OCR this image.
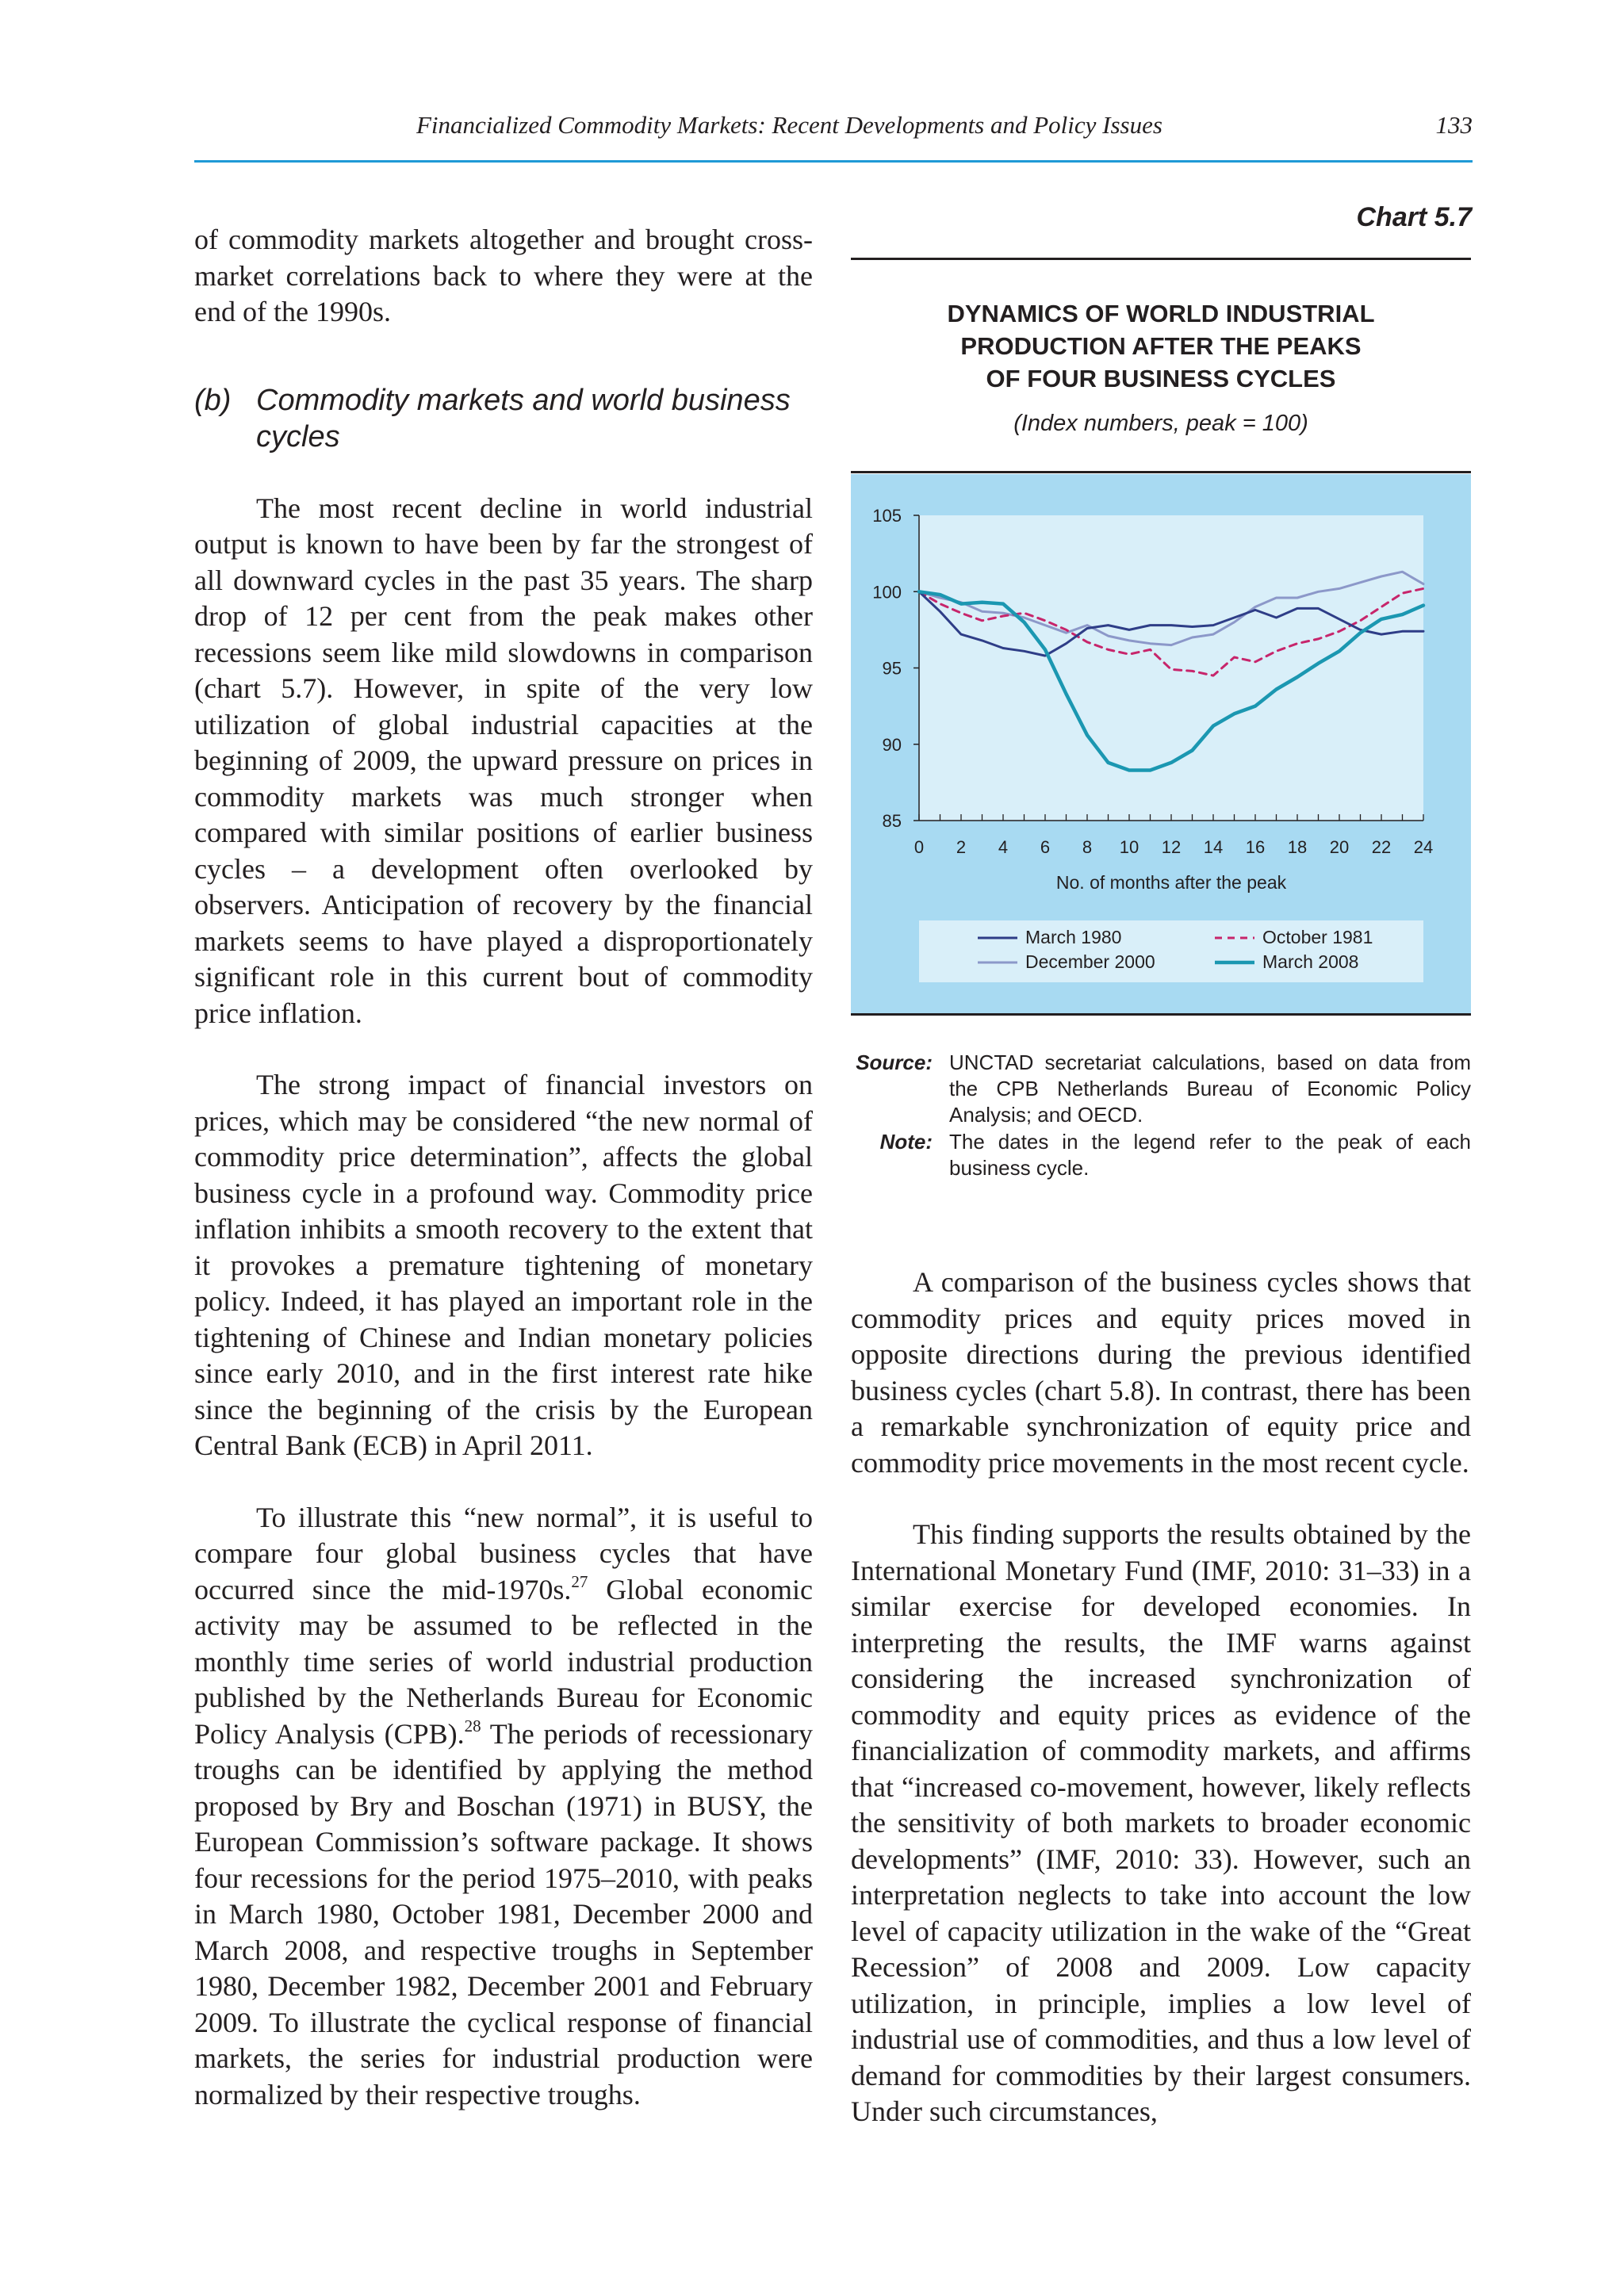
Financialized Commodity Markets: Recent Developments and Policy Issues	133

of commodity markets altogether and brought cross-market correlations back to where they were at the end of the 1990s.

(b) Commodity markets and world business cycles

The most recent decline in world industrial output is known to have been by far the strongest of all downward cycles in the past 35 years. The sharp drop of 12 per cent from the peak makes other recessions seem like mild slowdowns in comparison (chart 5.7). However, in spite of the very low utilization of global industrial capacities at the beginning of 2009, the upward pressure on prices in commodity markets was much stronger when compared with similar positions of earlier business cycles – a development often overlooked by observers. Anticipation of recovery by the financial markets seems to have played a disproportionately significant role in this current bout of commodity price inflation.

The strong impact of financial investors on prices, which may be considered “the new normal of commodity price determination”, affects the global business cycle in a profound way. Commodity price inflation inhibits a smooth recovery to the extent that it provokes a premature tightening of monetary policy. Indeed, it has played an important role in the tightening of Chinese and Indian monetary policies since early 2010, and in the first interest rate hike since the beginning of the crisis by the European Central Bank (ECB) in April 2011.

To illustrate this “new normal”, it is useful to compare four global business cycles that have occurred since the mid-1970s.$^{27}$ Global economic activity may be assumed to be reflected in the monthly time series of world industrial production published by the Netherlands Bureau for Economic Policy Analysis (CPB).$^{28}$ The periods of recessionary troughs can be identified by applying the method proposed by Bry and Boschan (1971) in BUSY, the European Commission’s software package. It shows four recessions for the period 1975–2010, with peaks in March 1980, October 1981, December 2000 and March 2008, and respective troughs in September 1980, December 1982, December 2001 and February 2009. To illustrate the cyclical response of financial markets, the series for industrial production were normalized by their respective troughs.

Chart 5.7
DYNAMICS OF WORLD INDUSTRIAL
PRODUCTION AFTER THE PEAKS
OF FOUR BUSINESS CYCLES
(Index numbers, peak = 100)
85
90
95
100
105
0 2 4 6 8 10 12 14 16 18 20 22 24
No. of months after the peak
March 1980	October 1981
December 2000	March 2008
Source: UNCTAD secretariat calculations, based on data from the CPB Netherlands Bureau of Economic Policy Analysis; and OECD.
Note: The dates in the legend refer to the peak of each business cycle.

A comparison of the business cycles shows that commodity prices and equity prices moved in opposite directions during the previous identified business cycles (chart 5.8). In contrast, there has been a remarkable synchronization of equity price and commodity price movements in the most recent cycle.

This finding supports the results obtained by the International Monetary Fund (IMF, 2010: 31–33) in a similar exercise for developed economies. In interpreting the results, the IMF warns against considering the increased synchronization of commodity and equity prices as evidence of the financialization of commodity markets, and affirms that “increased co-movement, however, likely reflects the sensitivity of both markets to broader economic developments” (IMF, 2010: 33). However, such an interpretation neglects to take into account the low level of capacity utilization in the wake of the “Great Recession” of 2008 and 2009. Low capacity utilization, in principle, implies a low level of industrial use of commodities, and thus a low level of demand for commodities by their largest consumers. Under such circumstances,
